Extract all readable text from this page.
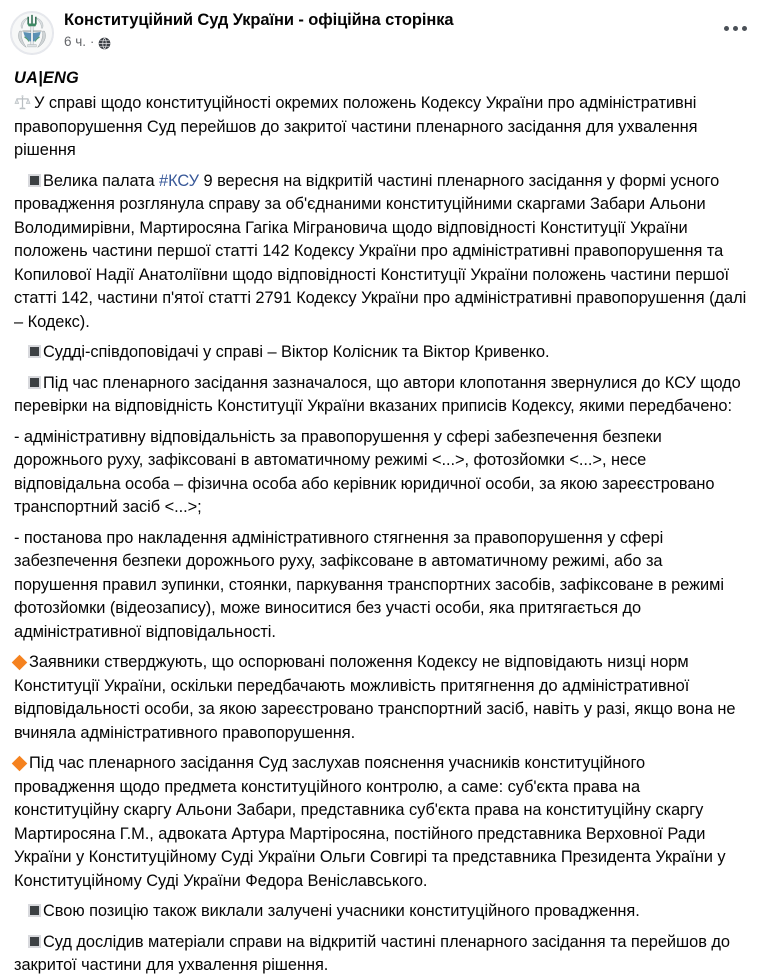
Конституційний Суд України - офіційна сторінка
6 ч. ·
UA|ENG

У справі щодо конституційності окремих положень Кодексу України про адміністративні правопорушення Суд перейшов до закритої частини пленарного засідання для ухвалення рішення

Велика палата #КСУ 9 вересня на відкритій частині пленарного засідання у формі усного провадження розглянула справу за об'єднаними конституційними скаргами Забари Альони Володимирівни, Мартиросяна Гагіка Міграновича щодо відповідності Конституції України положень частини першої статті 142 Кодексу України про адміністративні правопорушення та Копилової Надії Анатоліївни щодо відповідності Конституції України положень частини першої статті 142, частини п'ятої статті 2791 Кодексу України про адміністративні правопорушення (далі – Кодекс).

Судді-співдоповідачі у справі – Віктор Колісник та Віктор Кривенко.

Під час пленарного засідання зазначалося, що автори клопотання звернулися до КСУ щодо перевірки на відповідність Конституції України вказаних приписів Кодексу, якими передбачено:

- адміністративну відповідальність за правопорушення у сфері забезпечення безпеки дорожнього руху, зафіксовані в автоматичному режимі <...>, фотозйомки <...>, несе відповідальна особа – фізична особа або керівник юридичної особи, за якою зареєстровано транспортний засіб <...>;

- постанова про накладення адміністративного стягнення за правопорушення у сфері забезпечення безпеки дорожнього руху, зафіксоване в автоматичному режимі, або за порушення правил зупинки, стоянки, паркування транспортних засобів, зафіксоване в режимі фотозйомки (відеозапису), може виноситися без участі особи, яка притягається до адміністративної відповідальності.

Заявники стверджують, що оспорювані положення Кодексу не відповідають низці норм Конституції України, оскільки передбачають можливість притягнення до адміністративної відповідальності особи, за якою зареєстровано транспортний засіб, навіть у разі, якщо вона не вчиняла адміністративного правопорушення.

Під час пленарного засідання Суд заслухав пояснення учасників конституційного провадження щодо предмета конституційного контролю, а саме: суб'єкта права на конституційну скаргу Альони Забари, представника суб'єкта права на конституційну скаргу Мартиросяна Г.М., адвоката Артура Мартіросяна, постійного представника Верховної Ради України у Конституційному Суді України Ольги Совгирі та представника Президента України у Конституційному Суді України Федора Веніславського.

Свою позицію також виклали залучені учасники конституційного провадження.

Суд дослідив матеріали справи на відкритій частині пленарного засідання та перейшов до закритої частини для ухвалення рішення.
